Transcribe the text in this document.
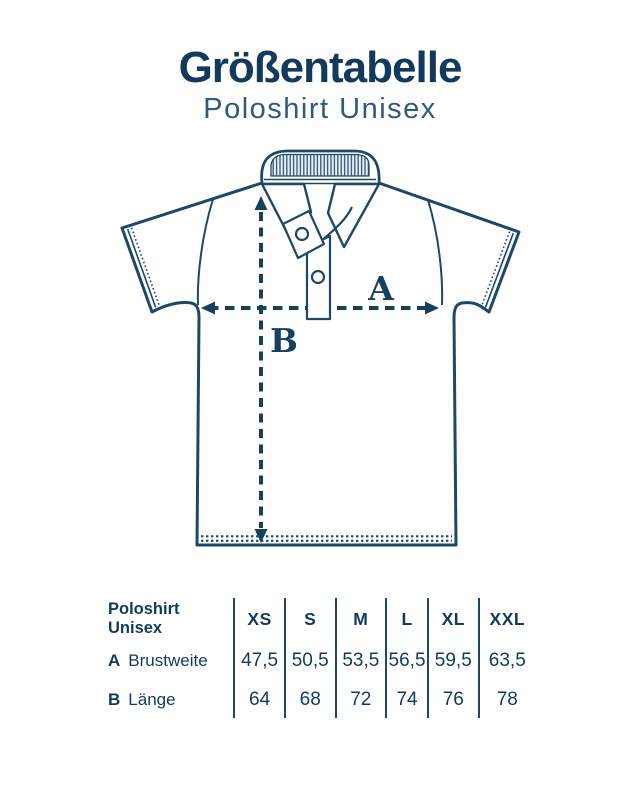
Größentabelle
Poloshirt Unisex
A
B
Poloshirt
Unisex
A Brustweite
B Länge
XS
47,5
64
S
50,5
68
M
53,5
72
L
56,5
74
XL
59,5
76
XXL
63,5
78
